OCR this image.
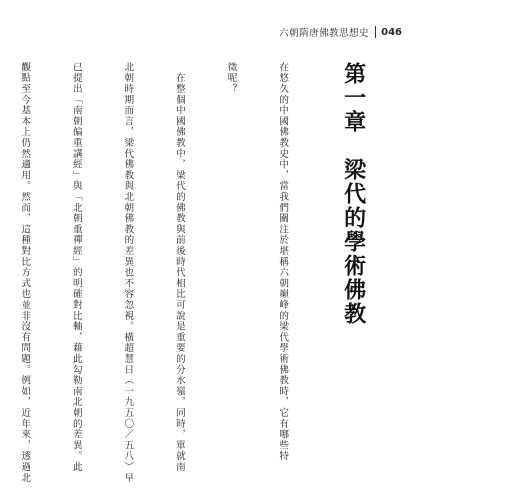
六朝隋唐佛教思想史 046

第一章　梁代的學術佛教

在悠久的中國佛教史中，當我們關注於堪稱六朝巔峰的梁代學術佛教時，它有哪些特

徵呢？

　在整個中國佛教中，梁代的佛教與前後時代相比可說是重要的分水嶺，同時，單就南

北朝時期而言，梁代佛教與北朝佛教的差異也不容忽視。橫超慧日（一九五〇／五八）早

已提出「南朝偏重講經」與「北朝重禪經」的明確對比軸，藉此勾勒南北朝的差異。此

觀點至今基本上仍然適用。然而，這種對比方式也並非沒有問題。例如，近年來，透過北
